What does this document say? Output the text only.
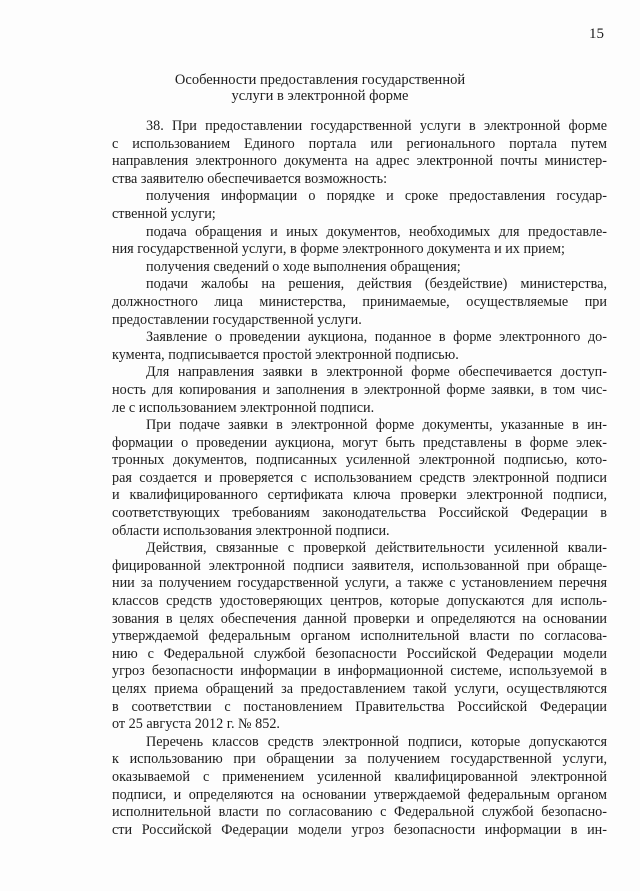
15
Особенности предоставления государственной
услуги в электронной форме
38. При предоставлении государственной услуги в электронной форме
с использованием Единого портала или регионального портала путем
направления электронного документа на адрес электронной почты министер-
ства заявителю обеспечивается возможность:
получения информации о порядке и сроке предоставления государ-
ственной услуги;
подача обращения и иных документов, необходимых для предоставле-
ния государственной услуги, в форме электронного документа и их прием;
получения сведений о ходе выполнения обращения;
подачи жалобы на решения, действия (бездействие) министерства,
должностного лица министерства, принимаемые, осуществляемые при
предоставлении государственной услуги.
Заявление о проведении аукциона, поданное в форме электронного до-
кумента, подписывается простой электронной подписью.
Для направления заявки в электронной форме обеспечивается доступ-
ность для копирования и заполнения в электронной форме заявки, в том чис-
ле с использованием электронной подписи.
При подаче заявки в электронной форме документы, указанные в ин-
формации о проведении аукциона, могут быть представлены в форме элек-
тронных документов, подписанных усиленной электронной подписью, кото-
рая создается и проверяется с использованием средств электронной подписи
и квалифицированного сертификата ключа проверки электронной подписи,
соответствующих требованиям законодательства Российской Федерации в
области использования электронной подписи.
Действия, связанные с проверкой действительности усиленной квали-
фицированной электронной подписи заявителя, использованной при обраще-
нии за получением государственной услуги, а также с установлением перечня
классов средств удостоверяющих центров, которые допускаются для исполь-
зования в целях обеспечения данной проверки и определяются на основании
утверждаемой федеральным органом исполнительной власти по согласова-
нию с Федеральной службой безопасности Российской Федерации модели
угроз безопасности информации в информационной системе, используемой в
целях приема обращений за предоставлением такой услуги, осуществляются
в соответствии с постановлением Правительства Российской Федерации
от 25 августа 2012 г. № 852.
Перечень классов средств электронной подписи, которые допускаются
к использованию при обращении за получением государственной услуги,
оказываемой с применением усиленной квалифицированной электронной
подписи, и определяются на основании утверждаемой федеральным органом
исполнительной власти по согласованию с Федеральной службой безопасно-
сти Российской Федерации модели угроз безопасности информации в ин-
